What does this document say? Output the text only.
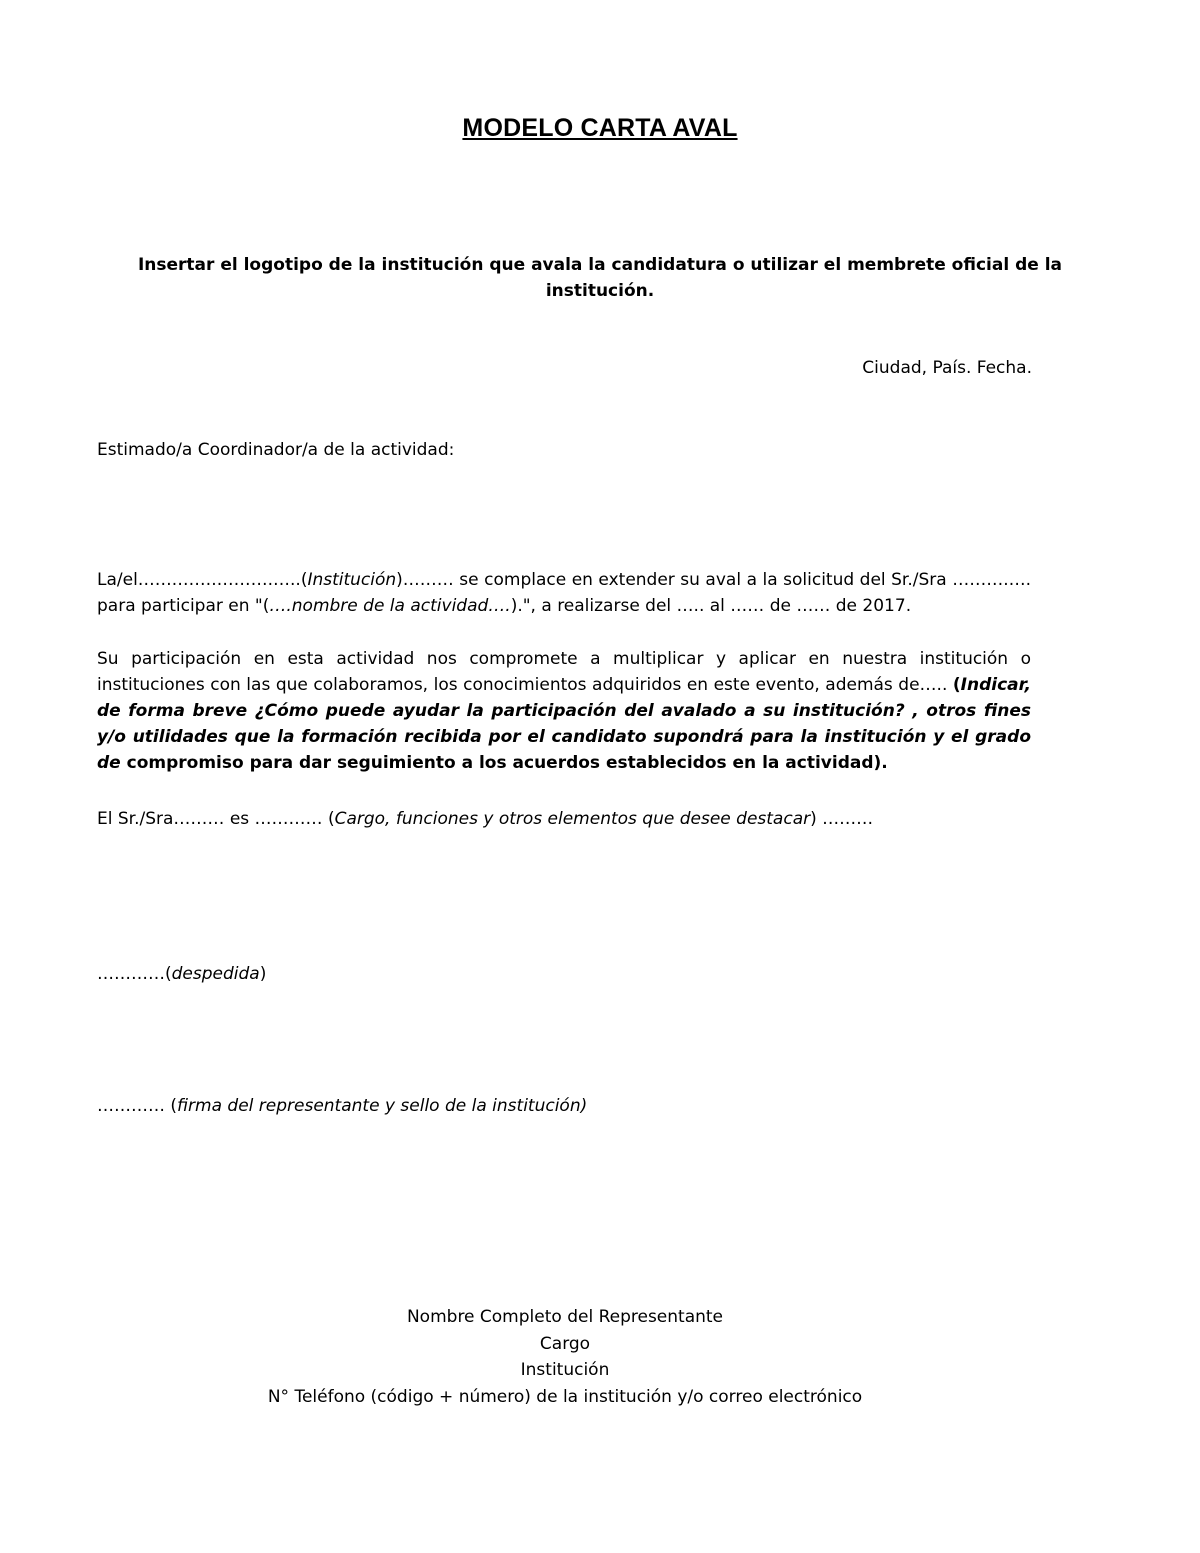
MODELO CARTA AVAL
Insertar el logotipo de la institución que avala la candidatura o utilizar el membrete oficial de la institución.
Ciudad, País. Fecha.
Estimado/a Coordinador/a de la actividad:
La/el…….…….……….…..(Institución)……… se complace en extender su aval a la solicitud del Sr./Sra ……….…. para participar en "(….nombre de la actividad….).", a realizarse del ….. al …… de …… de 2017.
Su participación en esta actividad nos compromete a multiplicar y aplicar en nuestra institución o instituciones con las que colaboramos, los conocimientos adquiridos en este evento, además de….. (Indicar, de forma breve ¿Cómo puede ayudar la participación del avalado a su institución? , otros fines y/o utilidades que la formación recibida por el candidato supondrá para la institución y el grado de compromiso para dar seguimiento a los acuerdos establecidos en la actividad).
El Sr./Sra……… es ………… (Cargo, funciones y otros elementos que desee destacar) ………
…………(despedida)
………… (firma del representante y sello de la institución)
Nombre Completo del Representante
Cargo
Institución
N° Teléfono (código + número) de la institución y/o correo electrónico
